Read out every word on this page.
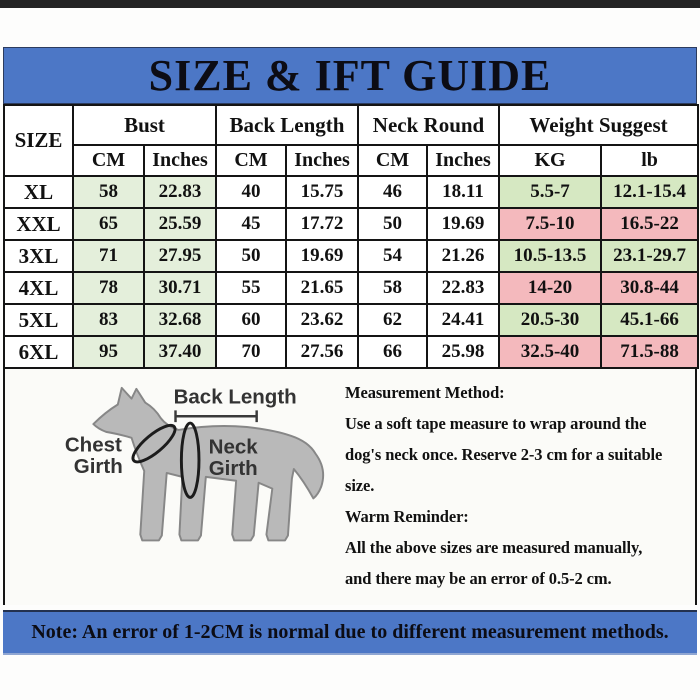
SIZE & IFT GUIDE
SIZE	Bust		Back Length		Neck Round		Weight Suggest	
	CM	Inches	CM	Inches	CM	Inches	KG	lb
XL	58	22.83	40	15.75	46	18.11	5.5-7	12.1-15.4
XXL	65	25.59	45	17.72	50	19.69	7.5-10	16.5-22
3XL	71	27.95	50	19.69	54	21.26	10.5-13.5	23.1-29.7
4XL	78	30.71	55	21.65	58	22.83	14-20	30.8-44
5XL	83	32.68	60	23.62	62	24.41	20.5-30	45.1-66
6XL	95	37.40	70	27.56	66	25.98	32.5-40	71.5-88
Back Length
Chest
Girth
Neck
Girth
Measurement Method:
Use a soft tape measure to wrap around the
dog's neck once. Reserve 2-3 cm for a suitable
size.
Warm Reminder:
All the above sizes are measured manually,
and there may be an error of 0.5-2 cm.
Note: An error of 1-2CM is normal due to different measurement methods.
